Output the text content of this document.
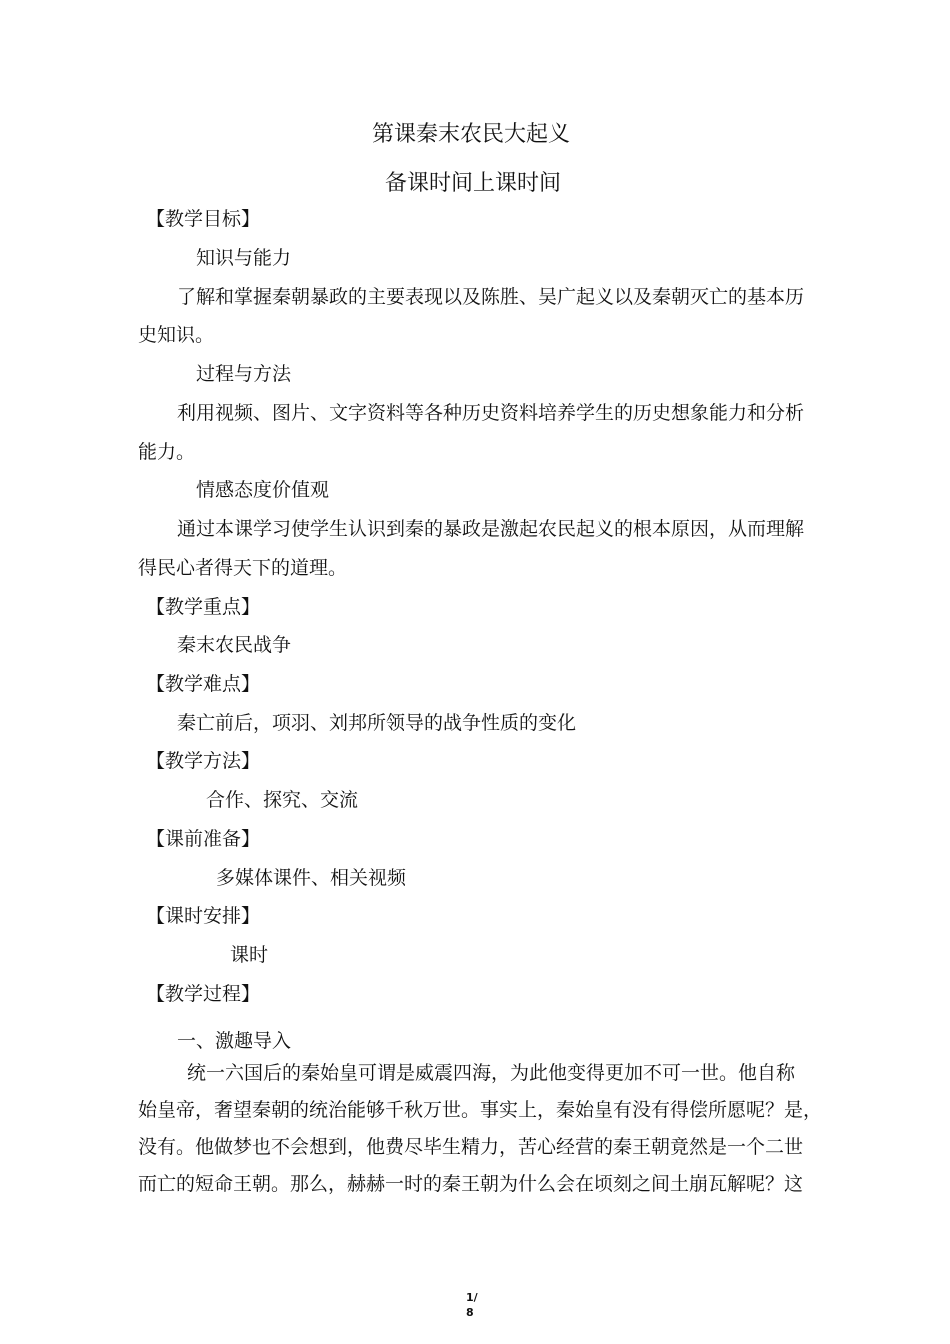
第课秦末农民大起义
备课时间上课时间
【教学目标】
知识与能力
了解和掌握秦朝暴政的主要表现以及陈胜、吴广起义以及秦朝灭亡的基本历
史知识。
过程与方法
利用视频、图片、文字资料等各种历史资料培养学生的历史想象能力和分析
能力。
情感态度价值观
通过本课学习使学生认识到秦的暴政是激起农民起义的根本原因，从而理解
得民心者得天下的道理。
【教学重点】
秦末农民战争
【教学难点】
秦亡前后，项羽、刘邦所领导的战争性质的变化
【教学方法】
合作、探究、交流
【课前准备】
多媒体课件、相关视频
【课时安排】
课时
【教学过程】
一、激趣导入
统一六国后的秦始皇可谓是威震四海，为此他变得更加不可一世。他自称
始皇帝，奢望秦朝的统治能够千秋万世。事实上，秦始皇有没有得偿所愿呢？是，
没有。他做梦也不会想到，他费尽毕生精力，苦心经营的秦王朝竟然是一个二世
而亡的短命王朝。那么，赫赫一时的秦王朝为什么会在顷刻之间土崩瓦解呢？这
1/
8
